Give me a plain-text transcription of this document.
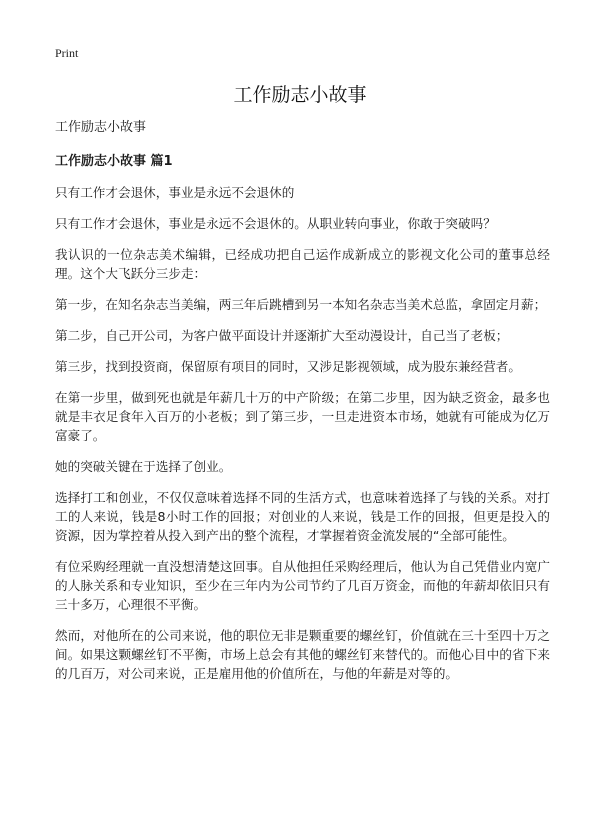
Print
工作励志小故事

工作励志小故事

工作励志小故事 篇1

只有工作才会退休，事业是永远不会退休的

只有工作才会退休，事业是永远不会退休的。从职业转向事业，你敢于突破吗？

我认识的一位杂志美术编辑，已经成功把自己运作成新成立的影视文化公司的董事总经理。这个大飞跃分三步走：

第一步，在知名杂志当美编，两三年后跳槽到另一本知名杂志当美术总监，拿固定月薪；

第二步，自己开公司，为客户做平面设计并逐渐扩大至动漫设计，自己当了老板；

第三步，找到投资商，保留原有项目的同时，又涉足影视领域，成为股东兼经营者。

在第一步里，做到死也就是年薪几十万的中产阶级；在第二步里，因为缺乏资金，最多也就是丰衣足食年入百万的小老板；到了第三步，一旦走进资本市场，她就有可能成为亿万富豪了。

她的突破关键在于选择了创业。

选择打工和创业，不仅仅意味着选择不同的生活方式，也意味着选择了与钱的关系。对打工的人来说，钱是8小时工作的回报；对创业的人来说，钱是工作的回报，但更是投入的资源，因为掌控着从投入到产出的整个流程，才掌握着资金流发展的“全部可能性。

有位采购经理就一直没想清楚这回事。自从他担任采购经理后，他认为自己凭借业内宽广的人脉关系和专业知识，至少在三年内为公司节约了几百万资金，而他的年薪却依旧只有三十多万，心理很不平衡。

然而，对他所在的公司来说，他的职位无非是颗重要的螺丝钉，价值就在三十至四十万之间。如果这颗螺丝钉不平衡，市场上总会有其他的螺丝钉来替代的。而他心目中的省下来的几百万，对公司来说，正是雇用他的价值所在，与他的年薪是对等的。
